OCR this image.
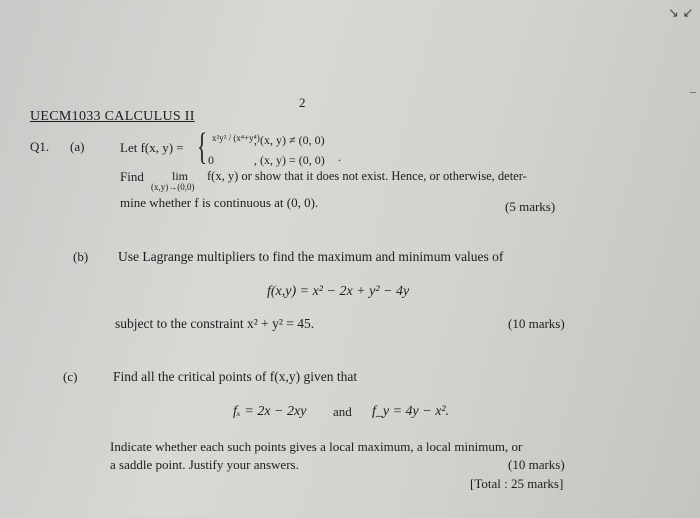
↘ ↙
2
UECM1033 CALCULUS II
Q1. (a)	Let f(x, y) = { x²y² / (x⁴+y⁴)
, (x, y) ≠ (0, 0)
0	, (x, y) = (0, 0) .
Find lim
(x,y)→(0,0)
f(x, y) or show that it does not exist. Hence, or otherwise, deter-
mine whether f is continuous at (0, 0).	(5 marks)
(b) Use Lagrange multipliers to find the maximum and minimum values of
f(x,y) = x² − 2x + y² − 4y
subject to the constraint x² + y² = 45.	(10 marks)
(c)	Find all the critical points of f(x,y) given that
fₓ = 2x − 2xy and f_y = 4y − x².
Indicate whether each such points gives a local maximum, a local minimum, or
a saddle point. Justify your answers.	(10 marks)
[Total : 25 marks]
